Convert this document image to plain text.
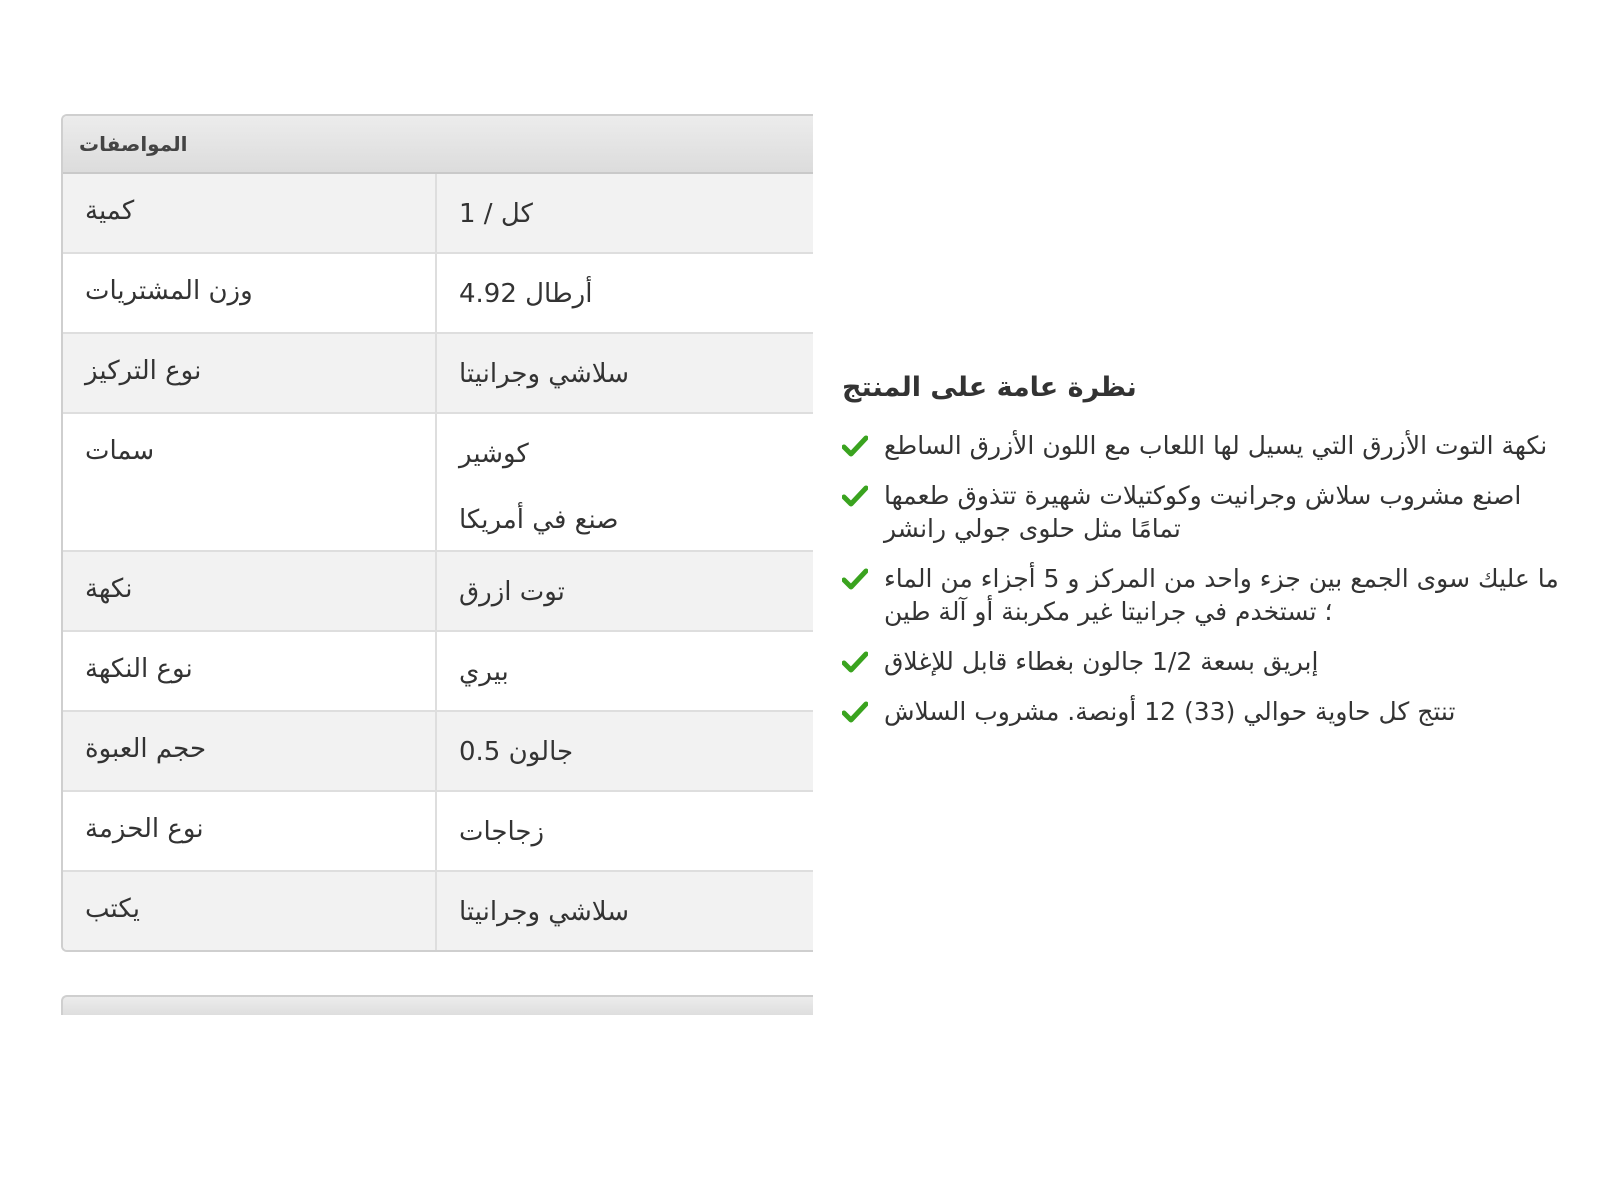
المواصفات
كمية	كل / 1
وزن المشتريات	4.92 أرطال
نوع التركيز	سلاشي وجرانيتا
سمات	كوشير
صنع في أمريكا
نكهة	توت ازرق
نوع النكهة	بيري
حجم العبوة	0.5 جالون
نوع الحزمة	زجاجات
يكتب	سلاشي وجرانيتا
نظرة عامة على المنتج
نكهة التوت الأزرق التي يسيل لها اللعاب مع اللون الأزرق الساطع
اصنع مشروب سلاش وجرانيت وكوكتيلات شهيرة تتذوق طعمها تمامًا مثل حلوى جولي رانشر
ما عليك سوى الجمع بين جزء واحد من المركز و 5 أجزاء من الماء ؛ تستخدم في جرانيتا غير مكربنة أو آلة طين
إبريق بسعة 1/2 جالون بغطاء قابل للإغلاق
تنتج كل حاوية حوالي (33) 12 أونصة. مشروب السلاش
